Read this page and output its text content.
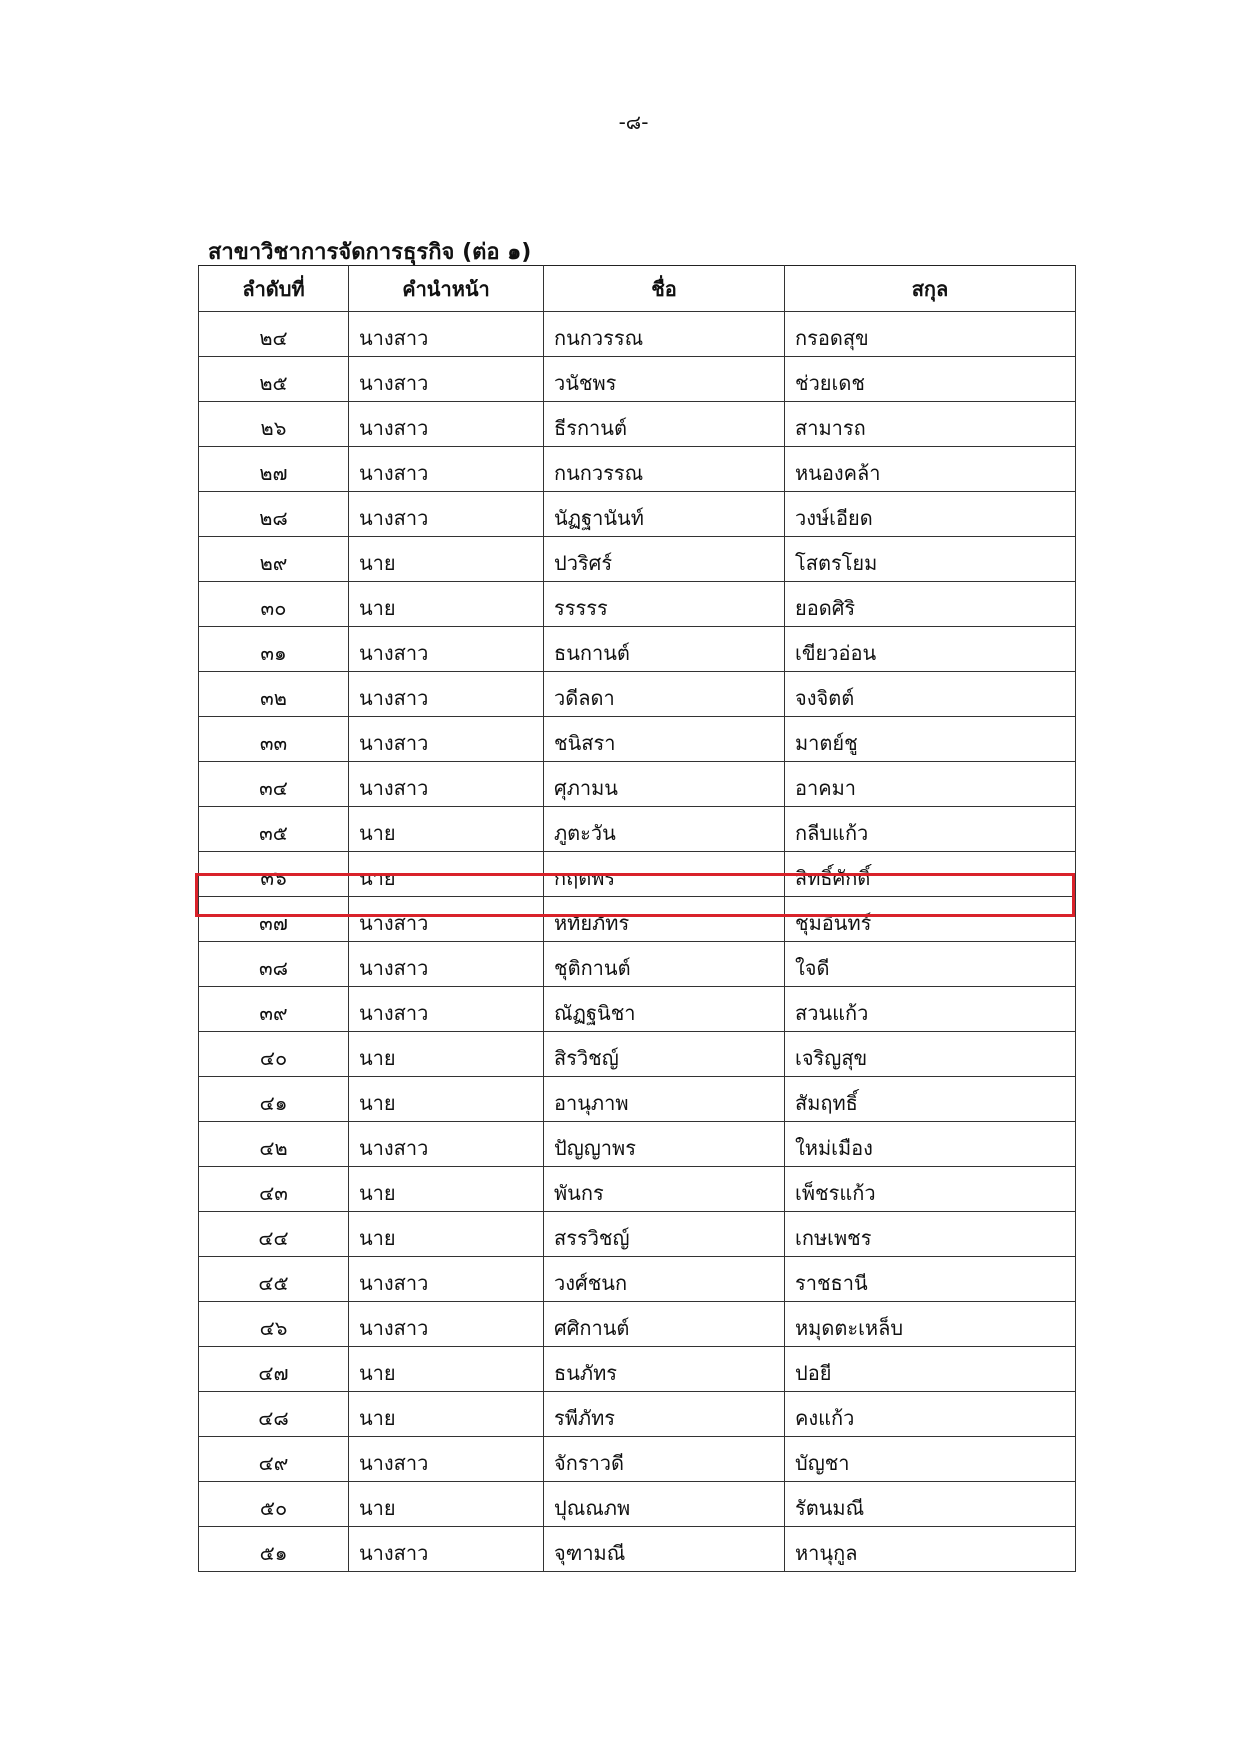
-๘-
สาขาวิชาการจัดการธุรกิจ (ต่อ ๑)
ลำดับที่	คำนำหน้า	ชื่อ	สกุล
๒๔	นางสาว	กนกวรรณ	กรอดสุข
๒๕	นางสาว	วนัชพร	ช่วยเดช
๒๖	นางสาว	ธีรกานต์	สามารถ
๒๗	นางสาว	กนกวรรณ	หนองคล้า
๒๘	นางสาว	นัฏฐานันท์	วงษ์เอียด
๒๙	นาย	ปวริศร์	โสตรโยม
๓๐	นาย	รรรรร	ยอดศิริ
๓๑	นางสาว	ธนกานต์	เขียวอ่อน
๓๒	นางสาว	วดีลดา	จงจิตต์
๓๓	นางสาว	ชนิสรา	มาตย์ชู
๓๔	นางสาว	ศุภามน	อาคมา
๓๕	นาย	ภูตะวัน	กลีบแก้ว
๓๖	นาย	กฤตพร	สิทธิ์ศักดิ์
๓๗	นางสาว	หทัยภัทร	ชุมอินทร์
๓๘	นางสาว	ชุติกานต์	ใจดี
๓๙	นางสาว	ณัฏฐนิชา	สวนแก้ว
๔๐	นาย	สิรวิชญ์	เจริญสุข
๔๑	นาย	อานุภาพ	สัมฤทธิ์
๔๒	นางสาว	ปัญญาพร	ใหม่เมือง
๔๓	นาย	พันกร	เพ็ชรแก้ว
๔๔	นาย	สรรวิชญ์	เกษเพชร
๔๕	นางสาว	วงศ์ชนก	ราชธานี
๔๖	นางสาว	ศศิกานต์	หมุดตะเหล็บ
๔๗	นาย	ธนภัทร	ปอยี
๔๘	นาย	รพีภัทร	คงแก้ว
๔๙	นางสาว	จักราวดี	บัญชา
๕๐	นาย	ปุณณภพ	รัตนมณี
๕๑	นางสาว	จุฑามณี	หานุกูล
